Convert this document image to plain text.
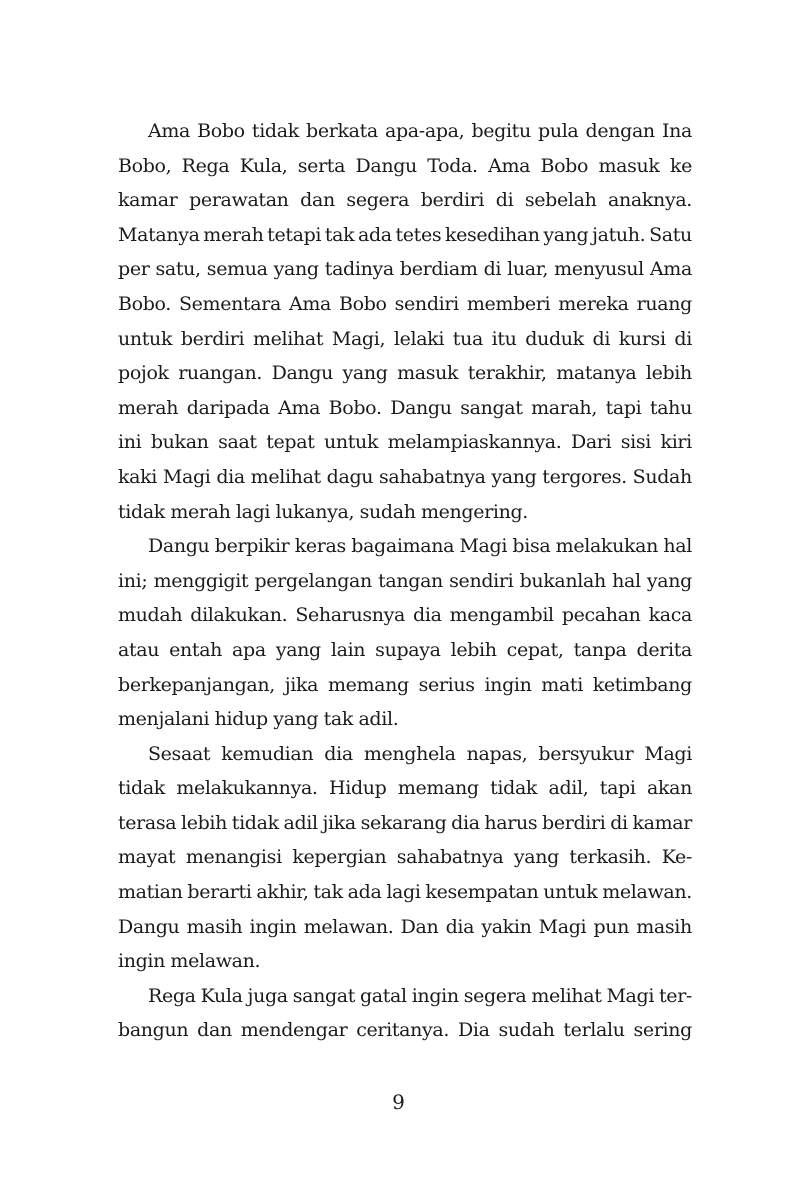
Ama Bobo tidak berkata apa-apa, begitu pula dengan Ina
Bobo, Rega Kula, serta Dangu Toda. Ama Bobo masuk ke
kamar perawatan dan segera berdiri di sebelah anaknya.
Matanya merah tetapi tak ada tetes kesedihan yang jatuh. Satu
per satu, semua yang tadinya berdiam di luar, menyusul Ama
Bobo. Sementara Ama Bobo sendiri memberi mereka ruang
untuk berdiri melihat Magi, lelaki tua itu duduk di kursi di
pojok ruangan. Dangu yang masuk terakhir, matanya lebih
merah daripada Ama Bobo. Dangu sangat marah, tapi tahu
ini bukan saat tepat untuk melampiaskannya. Dari sisi kiri
kaki Magi dia melihat dagu sahabatnya yang tergores. Sudah
tidak merah lagi lukanya, sudah mengering.
Dangu berpikir keras bagaimana Magi bisa melakukan hal
ini; menggigit pergelangan tangan sendiri bukanlah hal yang
mudah dilakukan. Seharusnya dia mengambil pecahan kaca
atau entah apa yang lain supaya lebih cepat, tanpa derita
berkepanjangan, jika memang serius ingin mati ketimbang
menjalani hidup yang tak adil.
Sesaat kemudian dia menghela napas, bersyukur Magi
tidak melakukannya. Hidup memang tidak adil, tapi akan
terasa lebih tidak adil jika sekarang dia harus berdiri di kamar
mayat menangisi kepergian sahabatnya yang terkasih. Ke-
matian berarti akhir, tak ada lagi kesempatan untuk melawan.
Dangu masih ingin melawan. Dan dia yakin Magi pun masih
ingin melawan.
Rega Kula juga sangat gatal ingin segera melihat Magi ter-
bangun dan mendengar ceritanya. Dia sudah terlalu sering
9
